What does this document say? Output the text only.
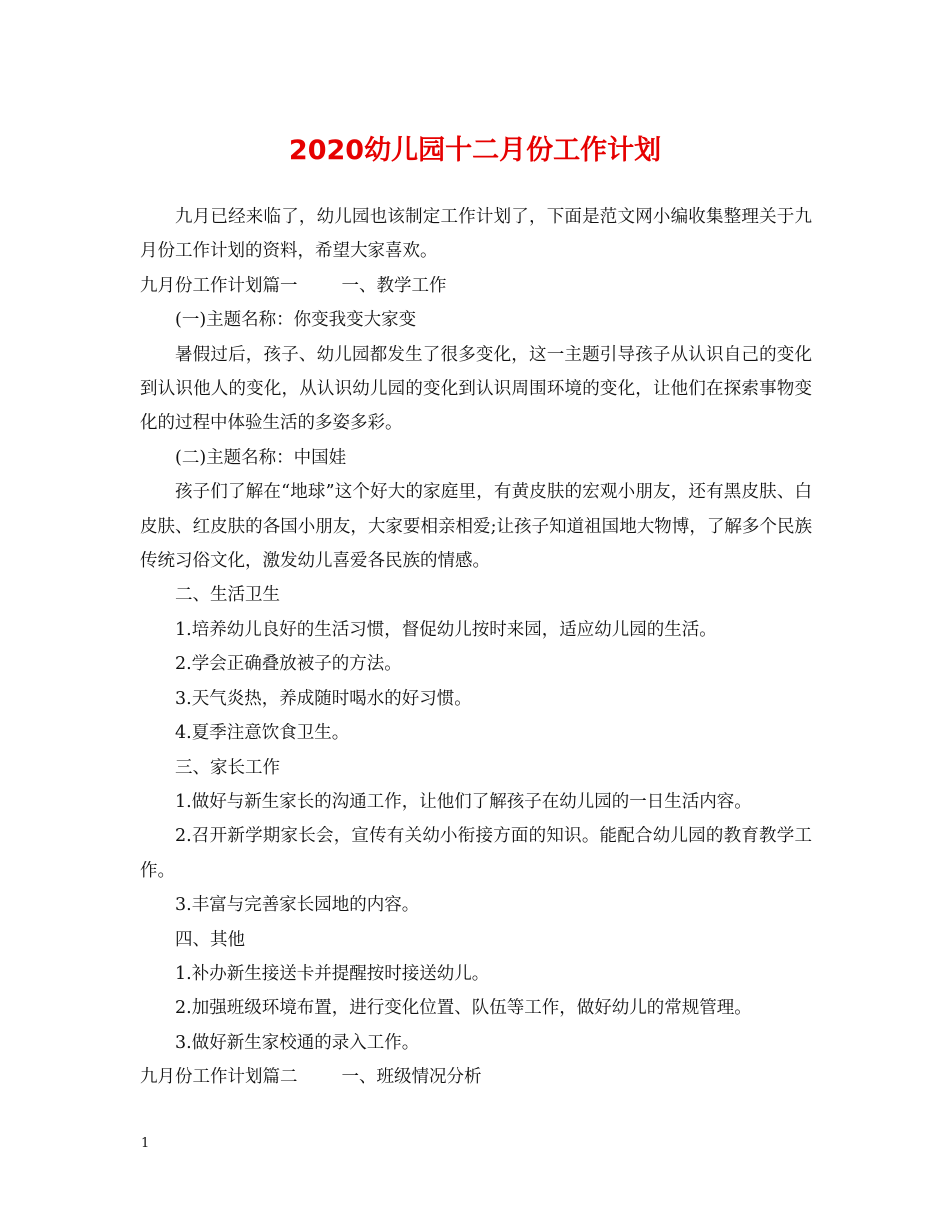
2020幼儿园十二月份工作计划

九月已经来临了，幼儿园也该制定工作计划了，下面是范文网小编收集整理关于九月份工作计划的资料，希望大家喜欢。

九月份工作计划篇一	一、教学工作

(一)主题名称：你变我变大家变

暑假过后，孩子、幼儿园都发生了很多变化，这一主题引导孩子从认识自己的变化到认识他人的变化，从认识幼儿园的变化到认识周围环境的变化，让他们在探索事物变化的过程中体验生活的多姿多彩。

(二)主题名称：中国娃

孩子们了解在“地球”这个好大的家庭里，有黄皮肤的宏观小朋友，还有黑皮肤、白皮肤、红皮肤的各国小朋友，大家要相亲相爱;让孩子知道祖国地大物博，了解多个民族传统习俗文化，激发幼儿喜爱各民族的情感。

二、生活卫生

1.培养幼儿良好的生活习惯，督促幼儿按时来园，适应幼儿园的生活。

2.学会正确叠放被子的方法。

3.天气炎热，养成随时喝水的好习惯。

4.夏季注意饮食卫生。

三、家长工作

1.做好与新生家长的沟通工作，让他们了解孩子在幼儿园的一日生活内容。

2.召开新学期家长会，宣传有关幼小衔接方面的知识。能配合幼儿园的教育教学工作。

3.丰富与完善家长园地的内容。

四、其他

1.补办新生接送卡并提醒按时接送幼儿。

2.加强班级环境布置，进行变化位置、队伍等工作，做好幼儿的常规管理。

3.做好新生家校通的录入工作。

九月份工作计划篇二	一、班级情况分析

1
